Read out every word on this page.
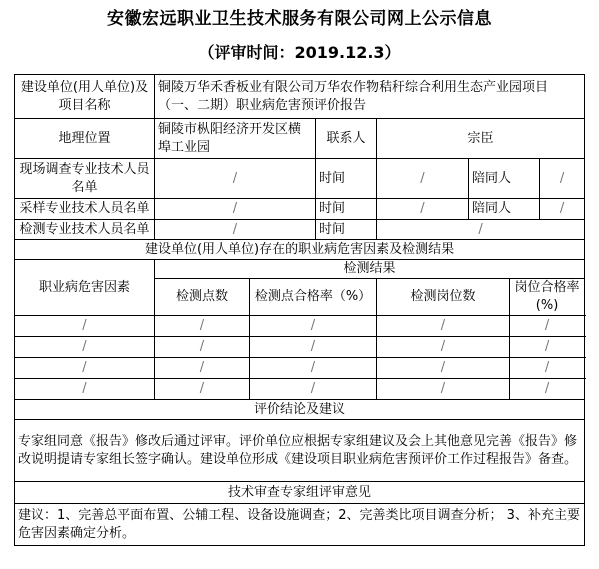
安徽宏远职业卫生技术服务有限公司网上公示信息
（评审时间：2019.12.3）
建设单位(用人单位)及项目名称	铜陵万华禾香板业有限公司万华农作物秸秆综合利用生态产业园项目（一、二期）职业病危害预评价报告						
地理位置	铜陵市枞阳经济开发区横埠工业园		联系人	宗臣			
现场调查专业技术人员名单	/		时间	/	陪同人		/
采样专业技术人员名单	/		时间	/	陪同人		/
检测专业技术人员名单	/		时间	/			
建设单位(用人单位)存在的职业病危害因素及检测结果							
职业病危害因素	检测结果						
	检测点数	检测点合格率（%）		检测岗位数		岗位合格率(%)	
/	/	/		/		/	
/	/	/		/		/	
/	/	/		/		/	
/	/	/		/		/	
评价结论及建议							
专家组同意《报告》修改后通过评审。评价单位应根据专家组建议及会上其他意见完善《报告》修改说明提请专家组长签字确认。建设单位形成《建设项目职业病危害预评价工作过程报告》备查。							
技术审查专家组评审意见							
建议：1、完善总平面布置、公辅工程、设备设施调查；2、完善类比项目调查分析； 3、补充主要危害因素确定分析。							
